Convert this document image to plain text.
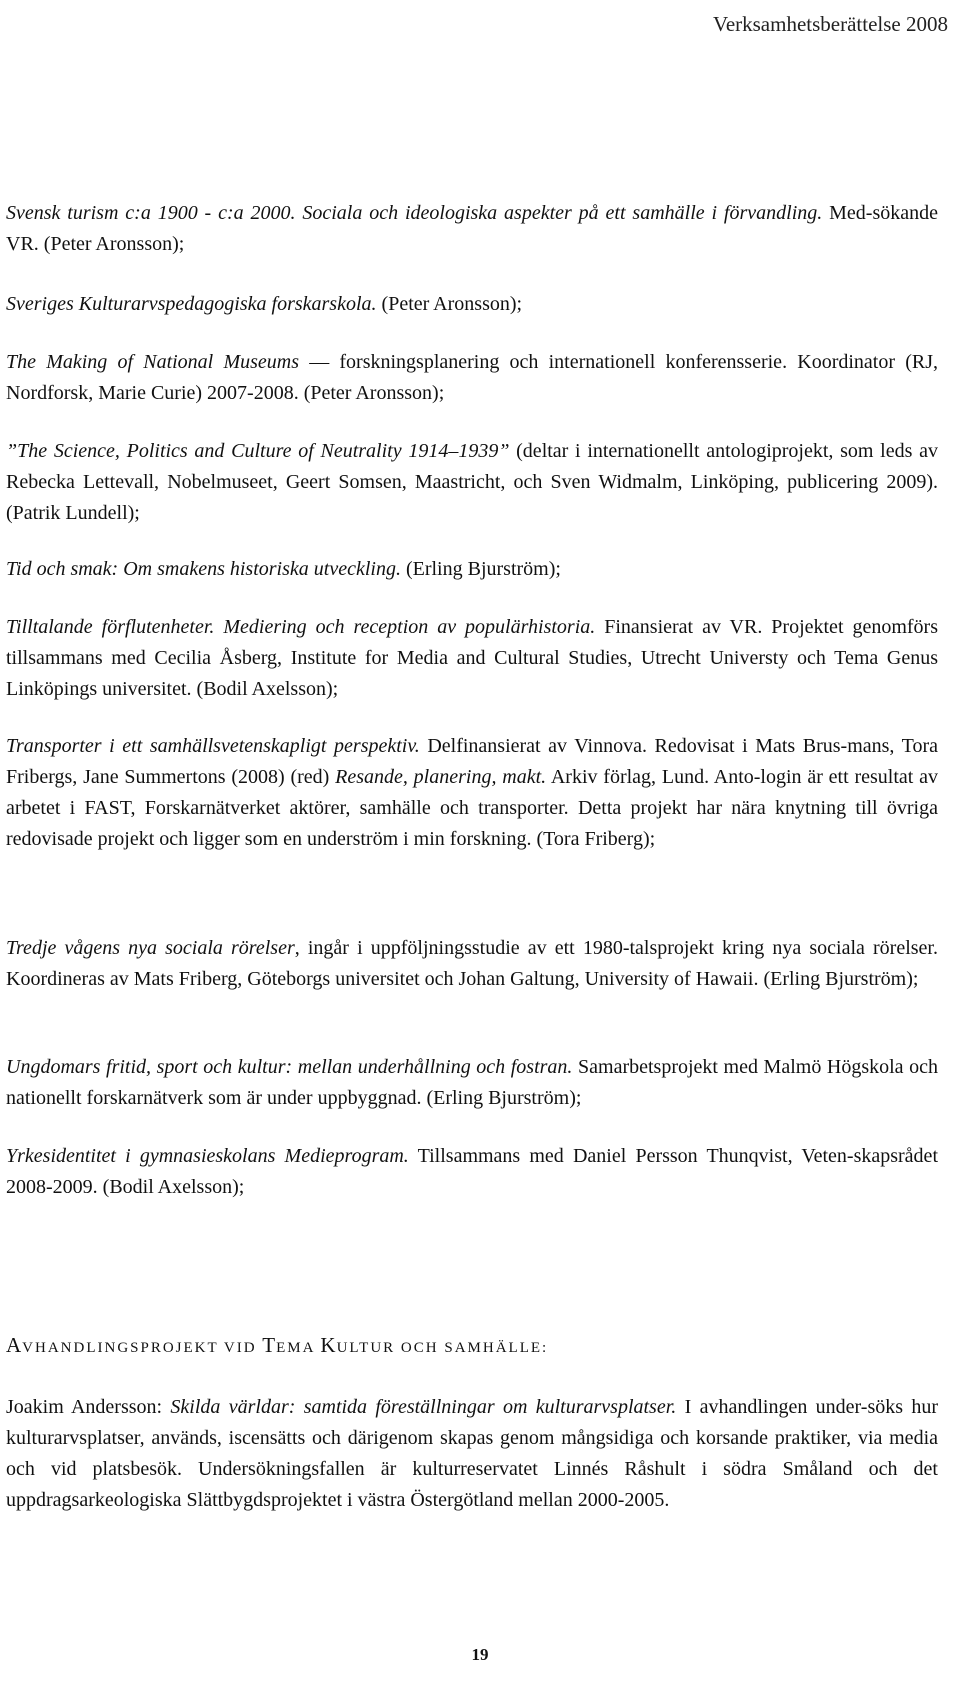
Verksamhetsberättelse 2008

Svensk turism c:a 1900 - c:a 2000. Sociala och ideologiska aspekter på ett samhälle i förvandling. Med-sökande VR. (Peter Aronsson);

Sveriges Kulturarvspedagogiska forskarskola. (Peter Aronsson);

The Making of National Museums — forskningsplanering och internationell konferensserie. Koordinator (RJ, Nordforsk, Marie Curie) 2007-2008. (Peter Aronsson);

”The Science, Politics and Culture of Neutrality 1914–1939” (deltar i internationellt antologiprojekt, som leds av Rebecka Lettevall, Nobelmuseet, Geert Somsen, Maastricht, och Sven Widmalm, Linköping, publicering 2009). (Patrik Lundell);

Tid och smak: Om smakens historiska utveckling. (Erling Bjurström);

Tilltalande förflutenheter. Mediering och reception av populärhistoria. Finansierat av VR. Projektet genomförs tillsammans med Cecilia Åsberg, Institute for Media and Cultural Studies, Utrecht Universty och Tema Genus Linköpings universitet. (Bodil Axelsson);

Transporter i ett samhällsvetenskapligt perspektiv. Delfinansierat av Vinnova. Redovisat i Mats Brus-mans, Tora Fribergs, Jane Summertons (2008) (red) Resande, planering, makt. Arkiv förlag, Lund. Anto-login är ett resultat av arbetet i FAST, Forskarnätverket aktörer, samhälle och transporter. Detta projekt har nära knytning till övriga redovisade projekt och ligger som en underström i min forskning. (Tora Friberg);

Tredje vågens nya sociala rörelser, ingår i uppföljningsstudie av ett 1980-talsprojekt kring nya sociala rörelser. Koordineras av Mats Friberg, Göteborgs universitet och Johan Galtung, University of Hawaii. (Erling Bjurström);

Ungdomars fritid, sport och kultur: mellan underhållning och fostran. Samarbetsprojekt med Malmö Högskola och nationellt forskarnätverk som är under uppbyggnad. (Erling Bjurström);

Yrkesidentitet i gymnasieskolans Medieprogram. Tillsammans med Daniel Persson Thunqvist, Veten-skapsrådet 2008-2009. (Bodil Axelsson);

AVHANDLINGSPROJEKT VID TEMA KULTUR OCH SAMHÄLLE:

Joakim Andersson: Skilda världar: samtida föreställningar om kulturarvsplatser. I avhandlingen under-söks hur kulturarvsplatser, används, iscensätts och därigenom skapas genom mångsidiga och korsande praktiker, via media och vid platsbesök. Undersökningsfallen är kulturreservatet Linnés Råshult i södra Småland och det uppdragsarkeologiska Slättbygdsprojektet i västra Östergötland mellan 2000-2005.

19
